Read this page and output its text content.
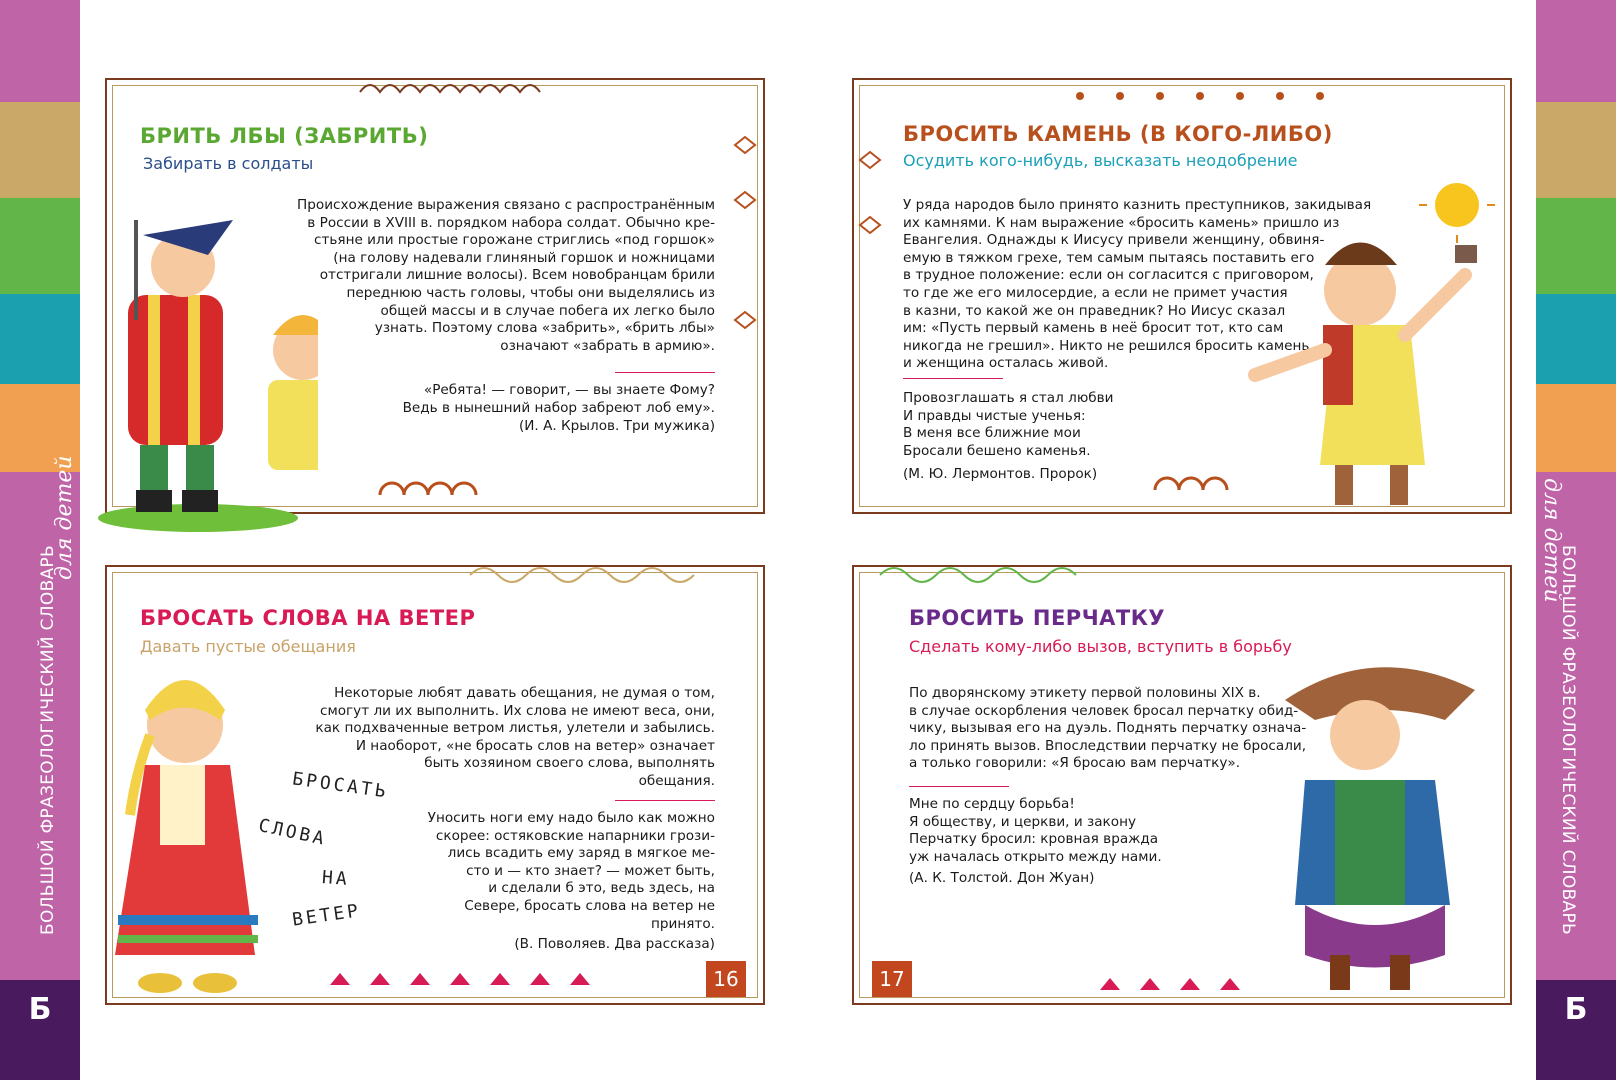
БОЛЬШОЙ ФРАЗЕОЛОГИЧЕСКИЙ СЛОВАРЬ
для детей
Б
БОЛЬШОЙ ФРАЗЕОЛОГИЧЕСКИЙ СЛОВАРЬ
для детей
Б
БРИТЬ ЛБЫ (ЗАБРИТЬ)
Забирать в солдаты
Происхождение выражения связано с распространённым
в России в XVIII в. порядком набора солдат. Обычно кре-
стьяне или простые горожане стриглись «под горшок»
(на голову надевали глиняный горшок и ножницами
отстригали лишние волосы). Всем новобранцам брили
переднюю часть головы, чтобы они выделялись из
общей массы и в случае побега их легко было
узнать. Поэтому слова «забрить», «брить лбы»
означают «забрать в армию».
«Ребята! — говорит, — вы знаете Фому?
Ведь в нынешний набор забреют лоб ему».
(И. А. Крылов. Три мужика)
БРОСИТЬ КАМЕНЬ (В КОГО-ЛИБО)
Осудить кого-нибудь, высказать неодобрение
У ряда народов было принято казнить преступников, закидывая
их камнями. К нам выражение «бросить камень» пришло из
Евангелия. Однажды к Иисусу привели женщину, обвиня-
емую в тяжком грехе, тем самым пытаясь поставить его
в трудное положение: если он согласится с приговором,
то где же его милосердие, а если не примет участия
в казни, то какой же он праведник? Но Иисус сказал
им: «Пусть первый камень в неё бросит тот, кто сам
никогда не грешил». Никто не решился бросить камень,
и женщина осталась живой.
Провозглашать я стал любви
И правды чистые ученья:
В меня все ближние мои
Бросали бешено каменья.
(М. Ю. Лермонтов. Пророк)
БРОСАТЬ СЛОВА НА ВЕТЕР
Давать пустые обещания
Некоторые любят давать обещания, не думая о том,
смогут ли их выполнить. Их слова не имеют веса, они,
как подхваченные ветром листья, улетели и забылись.
И наоборот, «не бросать слов на ветер» означает
быть хозяином своего слова, выполнять
обещания.
Уносить ноги ему надо было как можно
скорее: остяковские напарники грози-
лись всадить ему заряд в мягкое ме-
сто и — кто знает? — может быть,
и сделали б это, ведь здесь, на
Севере, бросать слова на ветер не
принято.
(В. Поволяев. Два рассказа)
16
БРОСИТЬ ПЕРЧАТКУ
Сделать кому-либо вызов, вступить в борьбу
По дворянскому этикету первой половины XIX в.
в случае оскорбления человек бросал перчатку обид-
чику, вызывая его на дуэль. Поднять перчатку означа-
ло принять вызов. Впоследствии перчатку не бросали,
а только говорили: «Я бросаю вам перчатку».
Мне по сердцу борьба!
Я обществу, и церкви, и закону
Перчатку бросил: кровная вражда
уж началась открыто между нами.
(А. К. Толстой. Дон Жуан)
17
БРОСАТЬ
СЛОВА
НА
ВЕТЕР
